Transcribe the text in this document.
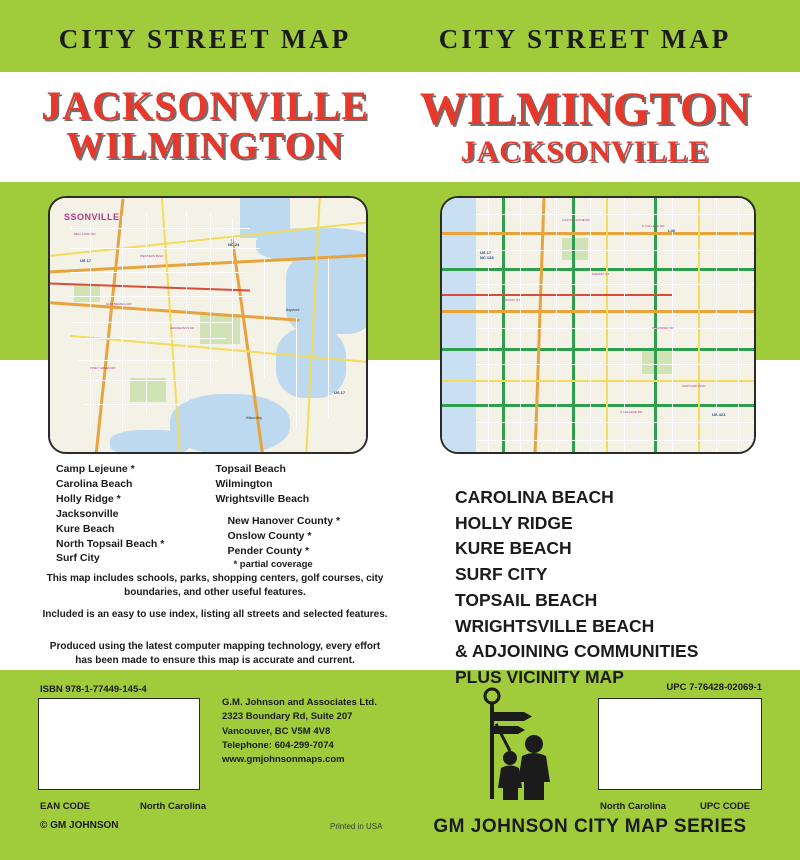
CITY STREET MAP	CITY STREET MAP
JACKSONVILLE
WILMINGTON
WILMINGTON
JACKSONVILLE
BELL FORK RD
WESTERN BLVD
GUM BRANCH RD
HENDERSON DR
PINEY GREEN RD
Bayshore
Wilson Bay
US 17
NC 24
US 17
SSONVILLE	CASTLE HAYNE RD
N COLLEGE RD
MARKET ST
DAWSON ST
OLEANDER DR
SHIPYARD BLVD
S COLLEGE RD
US 17
NC 133
I-40
US 421
Camp Lejeune *
Carolina Beach
Holly Ridge *
Jacksonville
Kure Beach
North Topsail Beach *
Surf City

Topsail Beach
Wilmington
Wrightsville Beach
New Hanover County *
Onslow County *
Pender County *
* partial coverage
This map includes schools, parks, shopping centers, golf courses, city boundaries, and other useful features.
Included is an easy to use index, listing all streets and selected features.
Produced using the latest computer mapping technology, every effort has been made to ensure this map is accurate and current.
CAROLINA BEACH
HOLLY RIDGE
KURE BEACH
SURF CITY
TOPSAIL BEACH
WRIGHTSVILLE BEACH
& ADJOINING COMMUNITIES
PLUS VICINITY MAP
ISBN 978-1-77449-145-4
EAN CODE	North Carolina
© GM JOHNSON
G.M. Johnson and Associates Ltd.
2323 Boundary Rd, Suite 207
Vancouver, BC V5M 4V8
Telephone: 604-299-7074
www.gmjohnsonmaps.com
Printed in USA
UPC 7-76428-02069-1
North Carolina	UPC CODE
GM JOHNSON CITY MAP SERIES
